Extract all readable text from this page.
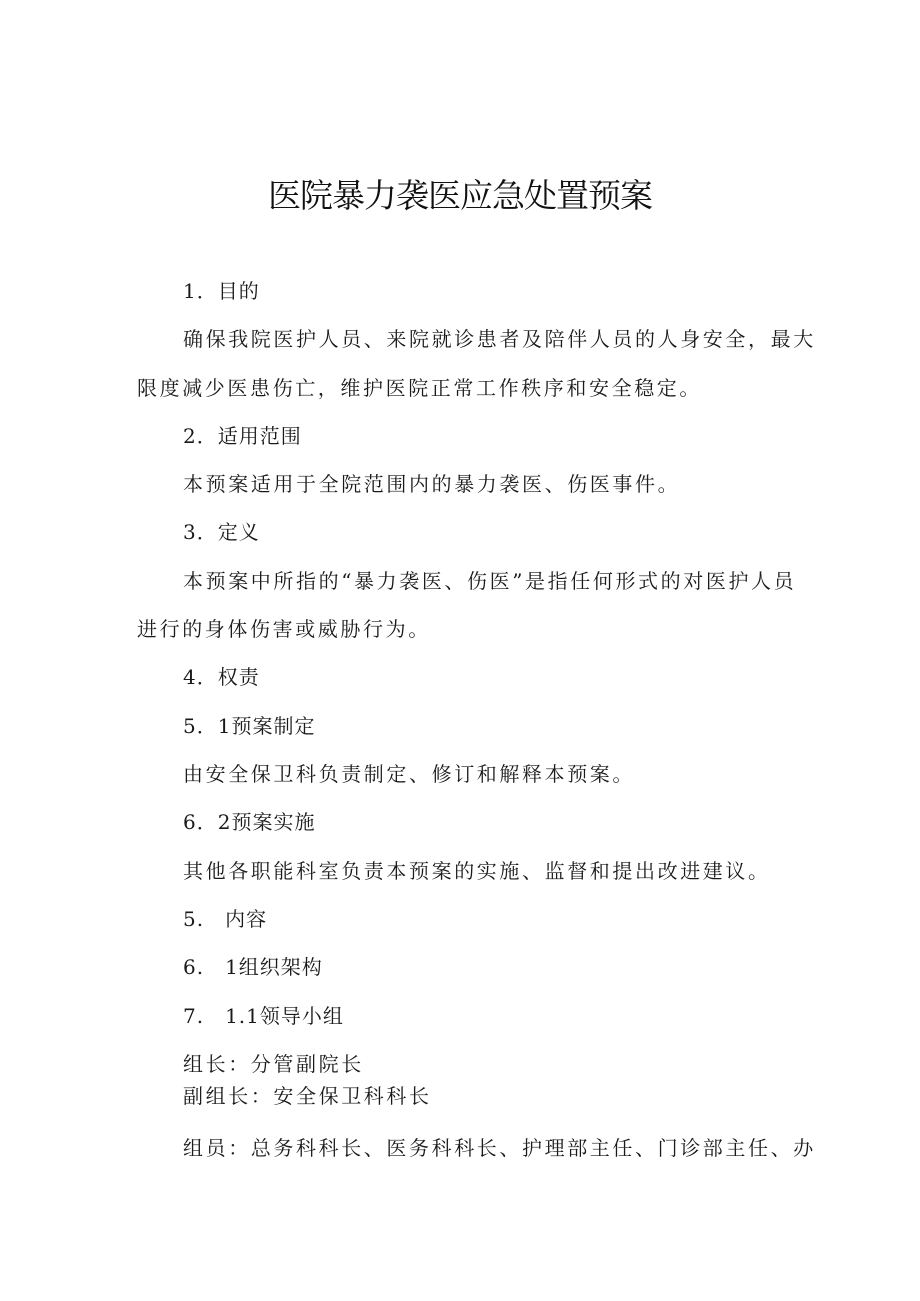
医院暴力袭医应急处置预案

1．目的

确保我院医护人员、来院就诊患者及陪伴人员的人身安全，最大

限度减少医患伤亡，维护医院正常工作秩序和安全稳定。

2．适用范围

本预案适用于全院范围内的暴力袭医、伤医事件。

3．定义

本预案中所指的“暴力袭医、伤医”是指任何形式的对医护人员

进行的身体伤害或威胁行为。

4．权责

5．1预案制定

由安全保卫科负责制定、修订和解释本预案。

6．2预案实施

其他各职能科室负责本预案的实施、监督和提出改进建议。

5.　内容

6.　1组织架构

7.　1.1领导小组

组长：分管副院长

副组长：安全保卫科科长

组员：总务科科长、医务科科长、护理部主任、门诊部主任、办
